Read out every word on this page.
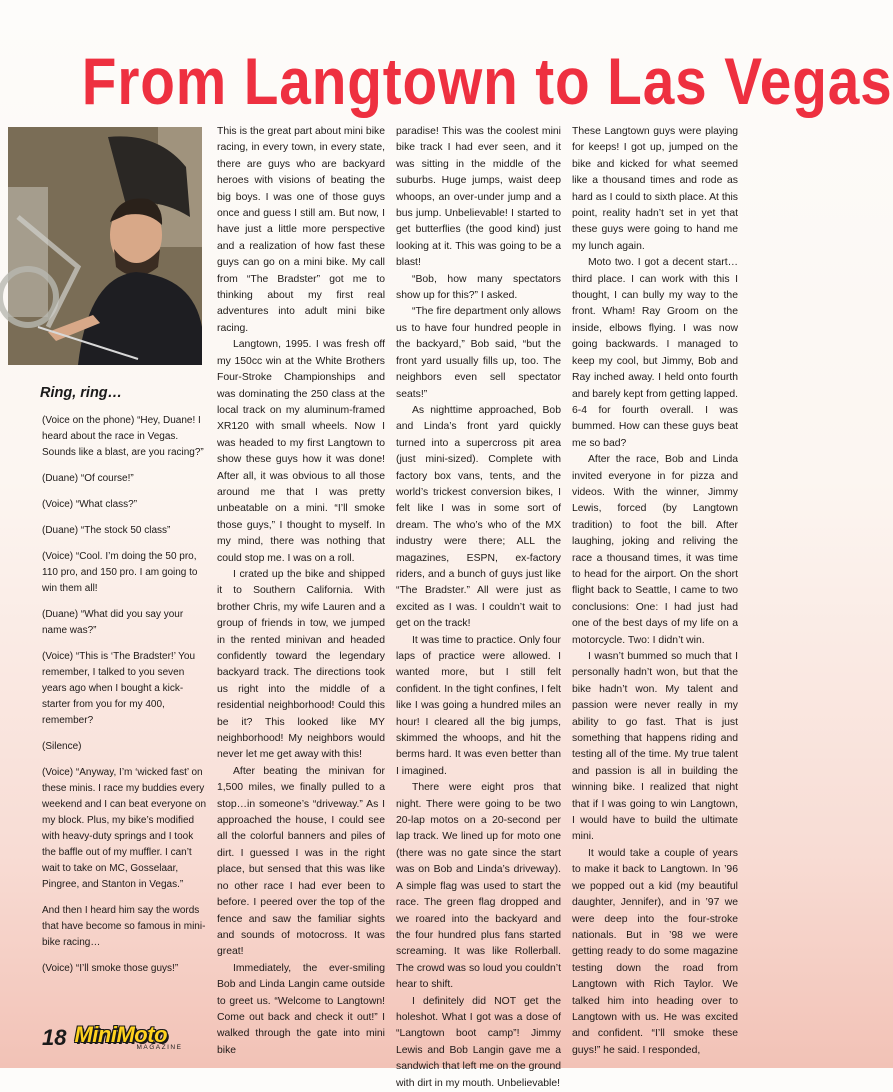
From Langtown to Las Vegas
Ring, ring…

(Voice on the phone) “Hey, Duane! I heard about the race in Vegas. Sounds like a blast, are you racing?”

(Duane) “Of course!”

(Voice) “What class?”

(Duane) “The stock 50 class”

(Voice) “Cool. I’m doing the 50 pro, 110 pro, and 150 pro. I am going to win them all!

(Duane) “What did you say your name was?”

(Voice) “This is ‘The Bradster!’ You remember, I talked to you seven years ago when I bought a kick-starter from you for my 400, remember?

(Silence)

(Voice) “Anyway, I’m ‘wicked fast’ on these minis. I race my buddies every weekend and I can beat everyone on my block. Plus, my bike’s modified with heavy-duty springs and I took the baffle out of my muffler. I can’t wait to take on MC, Gosselaar, Pingree, and Stanton in Vegas.”

And then I heard him say the words that have become so famous in mini-bike racing…

(Voice) “I’ll smoke those guys!”

This is the great part about mini bike racing, in every town, in every state, there are guys who are backyard heroes with visions of beating the big boys. I was one of those guys once and guess I still am. But now, I have just a little more perspective and a realization of how fast these guys can go on a mini bike. My call from “The Bradster” got me to thinking about my first real adventures into adult mini bike racing.

Langtown, 1995. I was fresh off my 150cc win at the White Brothers Four-Stroke Championships and was dominating the 250 class at the local track on my aluminum-framed XR120 with small wheels. Now I was headed to my first Langtown to show these guys how it was done! After all, it was obvious to all those around me that I was pretty unbeatable on a mini. “I’ll smoke those guys,” I thought to myself. In my mind, there was nothing that could stop me. I was on a roll.

I crated up the bike and shipped it to Southern California. With brother Chris, my wife Lauren and a group of friends in tow, we jumped in the rented minivan and headed confidently toward the legendary backyard track. The directions took us right into the middle of a residential neighborhood! Could this be it? This looked like MY neighborhood! My neighbors would never let me get away with this!

After beating the minivan for 1,500 miles, we finally pulled to a stop…in someone’s “driveway.” As I approached the house, I could see all the colorful banners and piles of dirt. I guessed I was in the right place, but sensed that this was like no other race I had ever been to before. I peered over the top of the fence and saw the familiar sights and sounds of motocross. It was great!

Immediately, the ever-smiling Bob and Linda Langin came outside to greet us. “Welcome to Langtown! Come out back and check it out!” I walked through the gate into mini bike

paradise! This was the coolest mini bike track I had ever seen, and it was sitting in the middle of the suburbs. Huge jumps, waist deep whoops, an over-under jump and a bus jump. Unbelievable! I started to get butterflies (the good kind) just looking at it. This was going to be a blast!

“Bob, how many spectators show up for this?” I asked.

“The fire department only allows us to have four hundred people in the backyard,” Bob said, “but the front yard usually fills up, too. The neighbors even sell spectator seats!”

As nighttime approached, Bob and Linda’s front yard quickly turned into a supercross pit area (just mini-sized). Complete with factory box vans, tents, and the world’s trickest conversion bikes, I felt like I was in some sort of dream. The who’s who of the MX industry were there; ALL the magazines, ESPN, ex-factory riders, and a bunch of guys just like “The Bradster.” All were just as excited as I was. I couldn’t wait to get on the track!

It was time to practice. Only four laps of practice were allowed. I wanted more, but I still felt confident. In the tight confines, I felt like I was going a hundred miles an hour! I cleared all the big jumps, skimmed the whoops, and hit the berms hard. It was even better than I imagined.

There were eight pros that night. There were going to be two 20-lap motos on a 20-second per lap track. We lined up for moto one (there was no gate since the start was on Bob and Linda’s driveway). A simple flag was used to start the race. The green flag dropped and we roared into the backyard and the four hundred plus fans started screaming. It was like Rollerball. The crowd was so loud you couldn’t hear to shift.

I definitely did NOT get the holeshot. What I got was a dose of “Langtown boot camp”! Jimmy Lewis and Bob Langin gave me a sandwich that left me on the ground with dirt in my mouth. Unbelievable!

These Langtown guys were playing for keeps! I got up, jumped on the bike and kicked for what seemed like a thousand times and rode as hard as I could to sixth place. At this point, reality hadn’t set in yet that these guys were going to hand me my lunch again.

Moto two. I got a decent start…third place. I can work with this I thought, I can bully my way to the front. Wham! Ray Groom on the inside, elbows flying. I was now going backwards. I managed to keep my cool, but Jimmy, Bob and Ray inched away. I held onto fourth and barely kept from getting lapped. 6-4 for fourth overall. I was bummed. How can these guys beat me so bad?

After the race, Bob and Linda invited everyone in for pizza and videos. With the winner, Jimmy Lewis, forced (by Langtown tradition) to foot the bill. After laughing, joking and reliving the race a thousand times, it was time to head for the airport. On the short flight back to Seattle, I came to two conclusions: One: I had just had one of the best days of my life on a motorcycle. Two: I didn’t win.

I wasn’t bummed so much that I personally hadn’t won, but that the bike hadn’t won. My talent and passion were never really in my ability to go fast. That is just something that happens riding and testing all of the time. My true talent and passion is all in building the winning bike. I realized that night that if I was going to win Langtown, I would have to build the ultimate mini.

It would take a couple of years to make it back to Langtown. In ’96 we popped out a kid (my beautiful daughter, Jennifer), and in ’97 we were deep into the four-stroke nationals. But in ’98 we were getting ready to do some magazine testing down the road from Langtown with Rich Taylor. We talked him into heading over to Langtown with us. He was excited and confident. “I’ll smoke these guys!” he said. I responded,

18 MiniMoto
MAGAZINE
